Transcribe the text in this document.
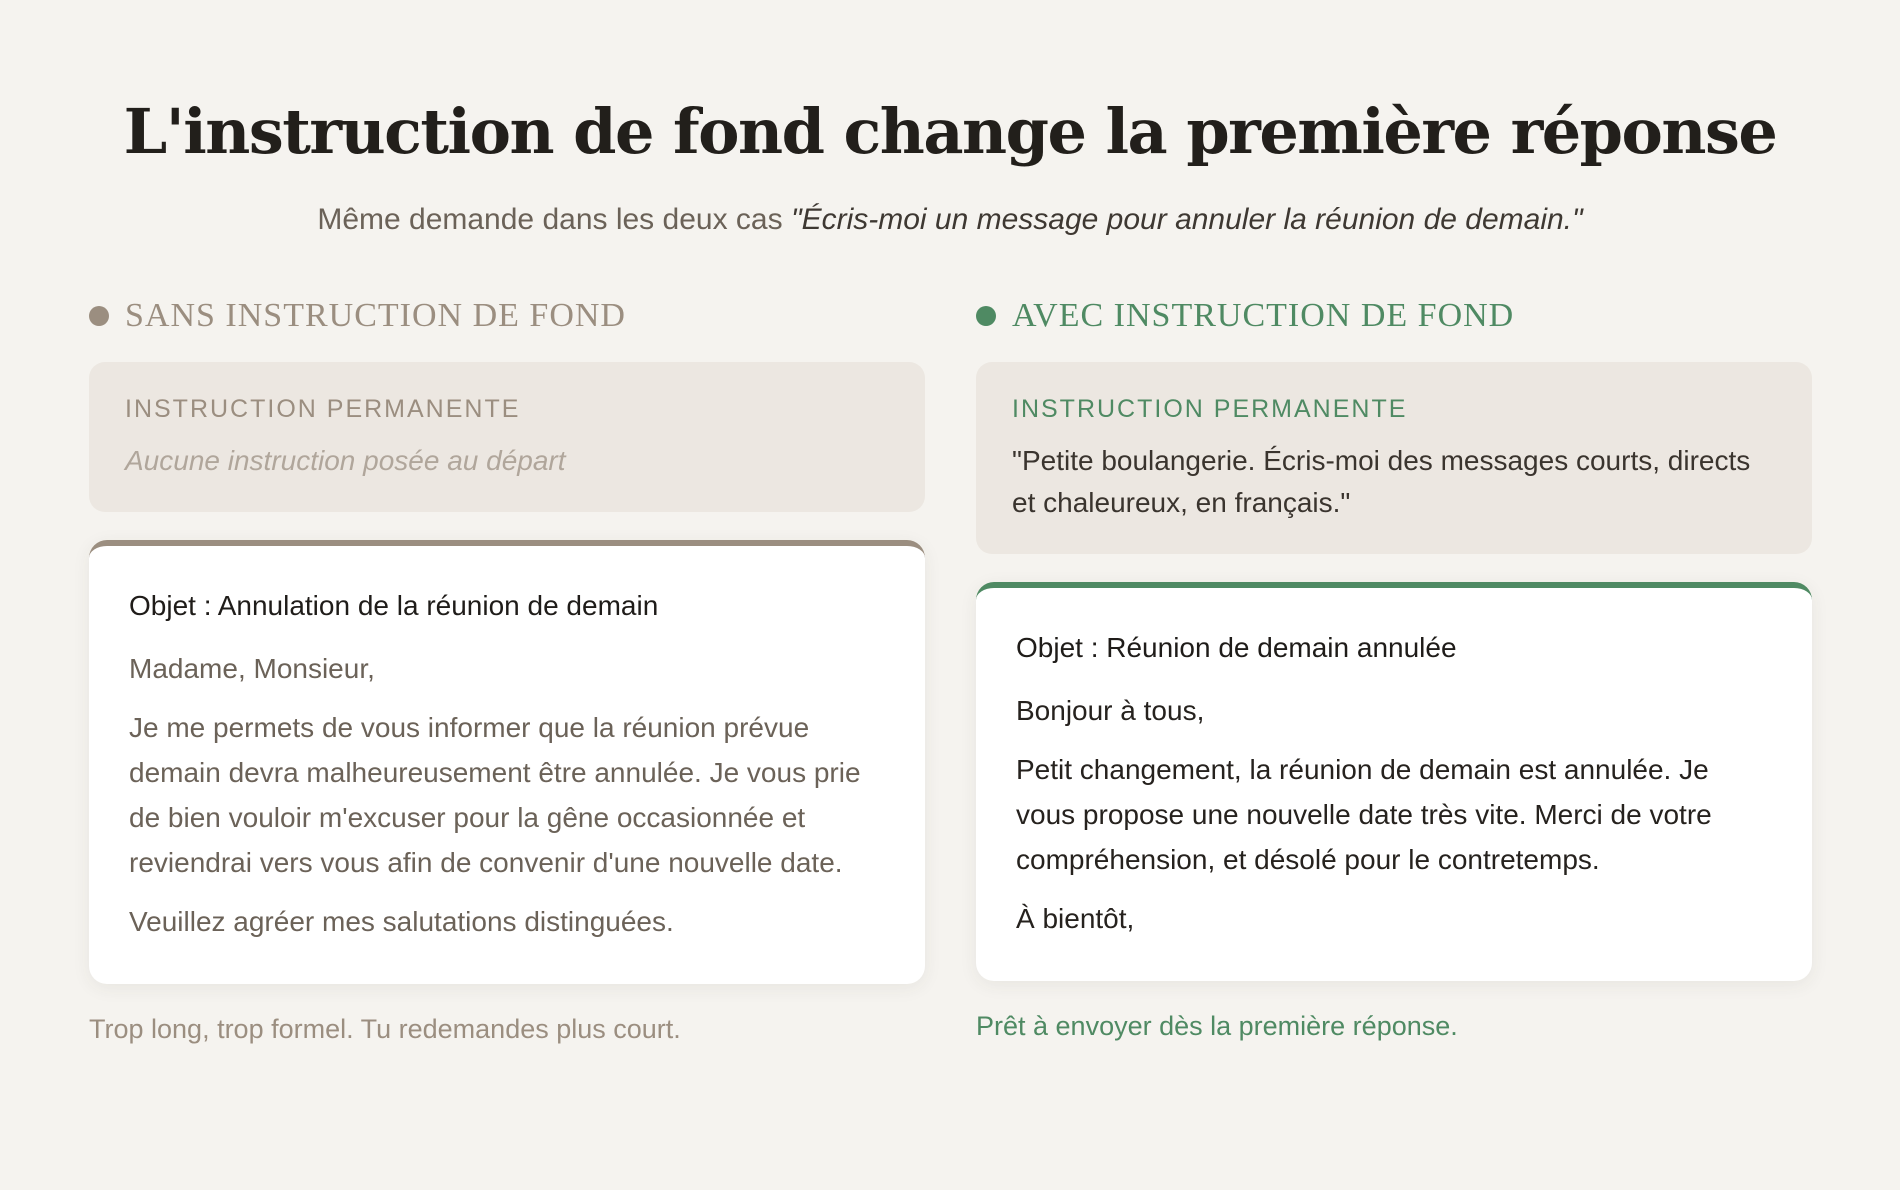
L'instruction de fond change la première réponse
Même demande dans les deux cas "Écris-moi un message pour annuler la réunion de demain."
SANS INSTRUCTION DE FOND
INSTRUCTION PERMANENTE
Aucune instruction posée au départ

Objet : Annulation de la réunion de demain

Madame, Monsieur,

Je me permets de vous informer que la réunion prévue demain devra malheureusement être annulée. Je vous prie de bien vouloir m'excuser pour la gêne occasionnée et reviendrai vers vous afin de convenir d'une nouvelle date.

Veuillez agréer mes salutations distinguées.

Trop long, trop formel. Tu redemandes plus court.
AVEC INSTRUCTION DE FOND
INSTRUCTION PERMANENTE
"Petite boulangerie. Écris-moi des messages courts, directs et chaleureux, en français."

Objet : Réunion de demain annulée

Bonjour à tous,

Petit changement, la réunion de demain est annulée. Je vous propose une nouvelle date très vite. Merci de votre compréhension, et désolé pour le contretemps.

À bientôt,

Prêt à envoyer dès la première réponse.
